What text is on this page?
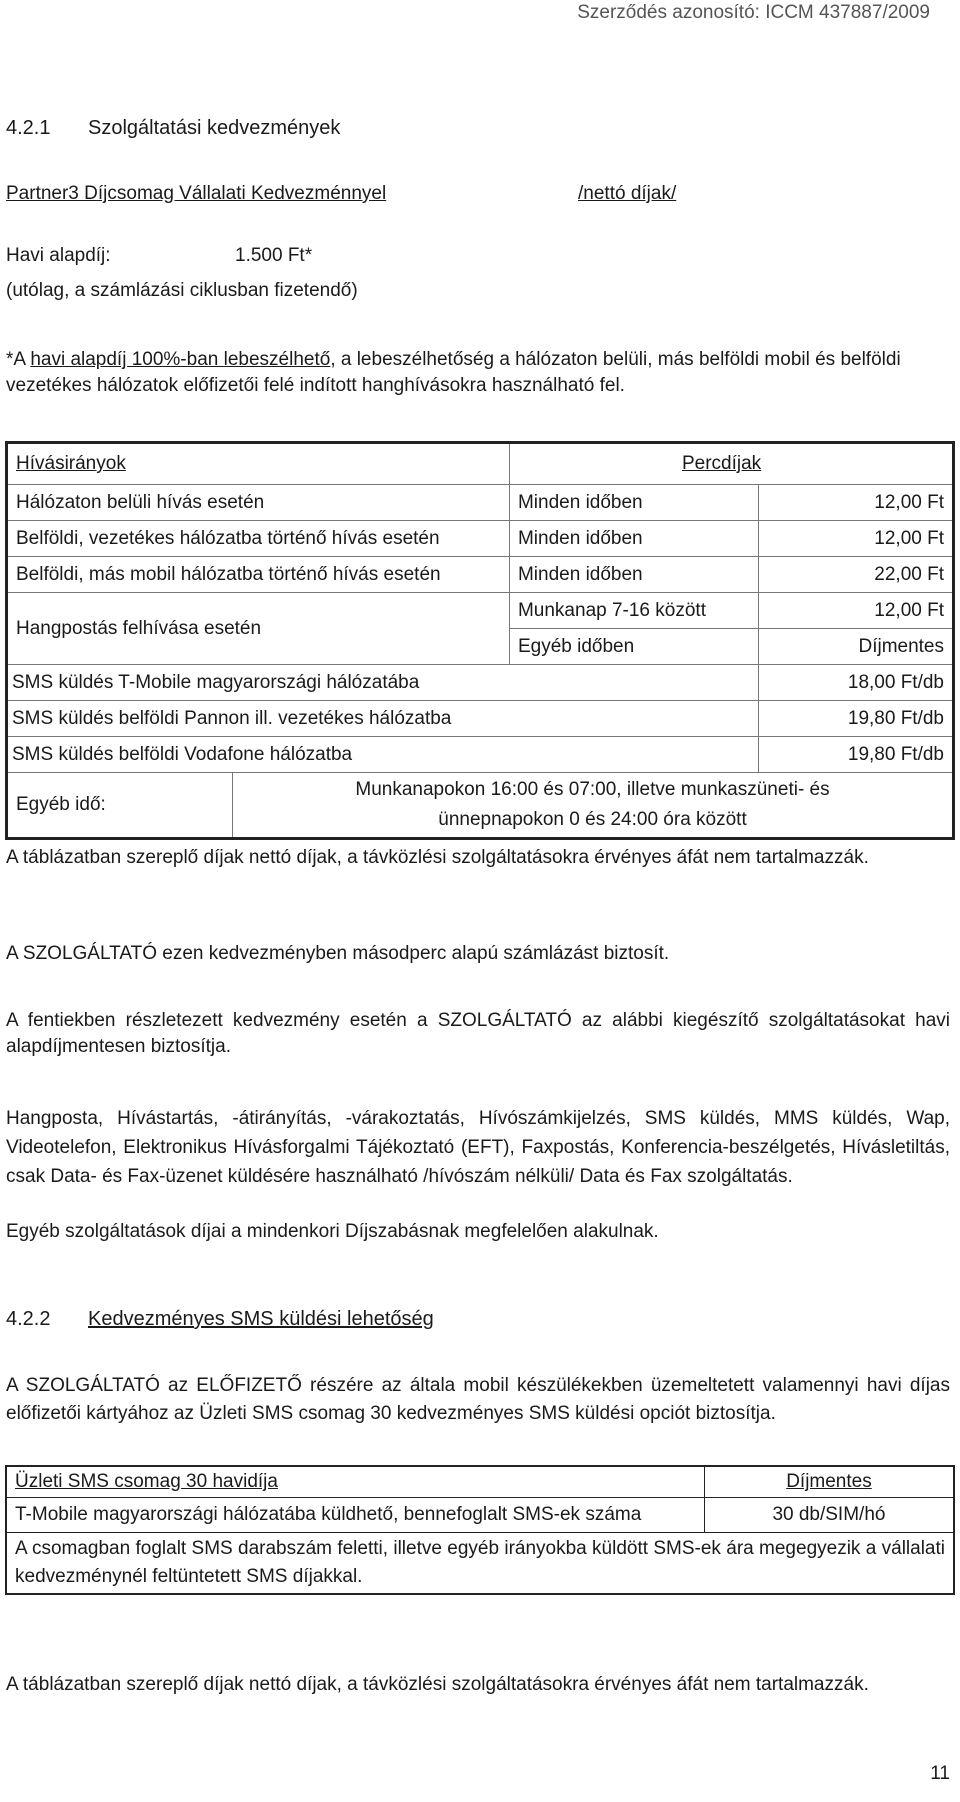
Szerződés azonosító: ICCM 437887/2009
4.2.1 Szolgáltatási kedvezmények
Partner3 Díjcsomag Vállalati Kedvezménnyel	/nettó díjak/
Havi alapdíj:	1.500 Ft*
(utólag, a számlázási ciklusban fizetendő)
*A havi alapdíj 100%-ban lebeszélhető, a lebeszélhetőség a hálózaton belüli, más belföldi mobil és belföldi vezetékes hálózatok előfizetői felé indított hanghívásokra használható fel.
Hívásirányok	Percdíjak
Hálózaton belüli hívás esetén	Minden időben	12,00 Ft
Belföldi, vezetékes hálózatba történő hívás esetén	Minden időben	12,00 Ft
Belföldi, más mobil hálózatba történő hívás esetén	Minden időben	22,00 Ft
Hangpostás felhívása esetén	Munkanap 7-16 között	12,00 Ft
Egyéb időben	Díjmentes
SMS küldés T-Mobile magyarországi hálózatába	18,00 Ft/db
SMS küldés belföldi Pannon ill. vezetékes hálózatba	19,80 Ft/db
SMS küldés belföldi Vodafone hálózatba	19,80 Ft/db

Egyéb idő:	Munkanapokon 16:00 és 07:00, illetve munkaszüneti- és ünnepnapokon 0 és 24:00 óra között
A táblázatban szereplő díjak nettó díjak, a távközlési szolgáltatásokra érvényes áfát nem tartalmazzák.
A SZOLGÁLTATÓ ezen kedvezményben másodperc alapú számlázást biztosít.
A fentiekben részletezett kedvezmény esetén a SZOLGÁLTATÓ az alábbi kiegészítő szolgáltatásokat havi alapdíjmentesen biztosítja.
Hangposta, Hívástartás, -átirányítás, -várakoztatás, Hívószámkijelzés, SMS küldés, MMS küldés, Wap, Videotelefon, Elektronikus Hívásforgalmi Tájékoztató (EFT), Faxpostás, Konferencia-beszélgetés, Hívásletiltás, csak Data- és Fax-üzenet küldésére használható /hívószám nélküli/ Data és Fax szolgáltatás.
Egyéb szolgáltatások díjai a mindenkori Díjszabásnak megfelelően alakulnak.
4.2.2 Kedvezményes SMS küldési lehetőség
A SZOLGÁLTATÓ az ELŐFIZETŐ részére az általa mobil készülékekben üzemeltetett valamennyi havi díjas előfizetői kártyához az Üzleti SMS csomag 30 kedvezményes SMS küldési opciót biztosítja.
Üzleti SMS csomag 30 havidíja	Díjmentes
T-Mobile magyarországi hálózatába küldhető, bennefoglalt SMS-ek száma	30 db/SIM/hó
A csomagban foglalt SMS darabszám feletti, illetve egyéb irányokba küldött SMS-ek ára megegyezik a vállalati kedvezménynél feltüntetett SMS díjakkal.	
A táblázatban szereplő díjak nettó díjak, a távközlési szolgáltatásokra érvényes áfát nem tartalmazzák.
11
